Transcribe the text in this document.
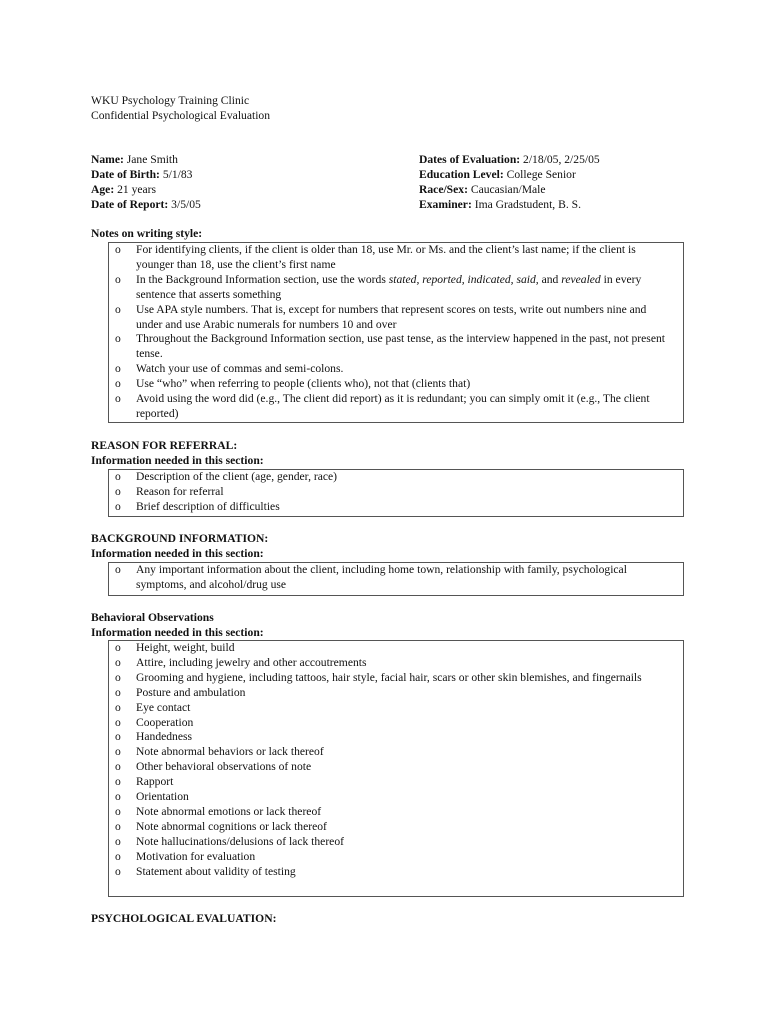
WKU Psychology Training Clinic
Confidential Psychological Evaluation
Name: Jane Smith
Date of Birth: 5/1/83
Age: 21 years
Date of Report: 3/5/05
Dates of Evaluation: 2/18/05, 2/25/05
Education Level: College Senior
Race/Sex: Caucasian/Male
Examiner: Ima Gradstudent, B. S.
Notes on writing style:
o For identifying clients, if the client is older than 18, use Mr. or Ms. and the client’s last name; if the client is younger than 18, use the client’s first name
o In the Background Information section, use the words stated, reported, indicated, said, and revealed in every sentence that asserts something
o Use APA style numbers. That is, except for numbers that represent scores on tests, write out numbers nine and under and use Arabic numerals for numbers 10 and over
o Throughout the Background Information section, use past tense, as the interview happened in the past, not present tense.
o Watch your use of commas and semi-colons.
o Use “who” when referring to people (clients who), not that (clients that)
o Avoid using the word did (e.g., The client did report) as it is redundant; you can simply omit it (e.g., The client reported)
REASON FOR REFERRAL:
Information needed in this section:
o Description of the client (age, gender, race)
o Reason for referral
o Brief description of difficulties
BACKGROUND INFORMATION:
Information needed in this section:
o Any important information about the client, including home town, relationship with family, psychological symptoms, and alcohol/drug use
Behavioral Observations
Information needed in this section:
o Height, weight, build
o Attire, including jewelry and other accoutrements
o Grooming and hygiene, including tattoos, hair style, facial hair, scars or other skin blemishes, and fingernails
o Posture and ambulation
o Eye contact
o Cooperation
o Handedness
o Note abnormal behaviors or lack thereof
o Other behavioral observations of note
o Rapport
o Orientation
o Note abnormal emotions or lack thereof
o Note abnormal cognitions or lack thereof
o Note hallucinations/delusions of lack thereof
o Motivation for evaluation
o Statement about validity of testing
PSYCHOLOGICAL EVALUATION:
